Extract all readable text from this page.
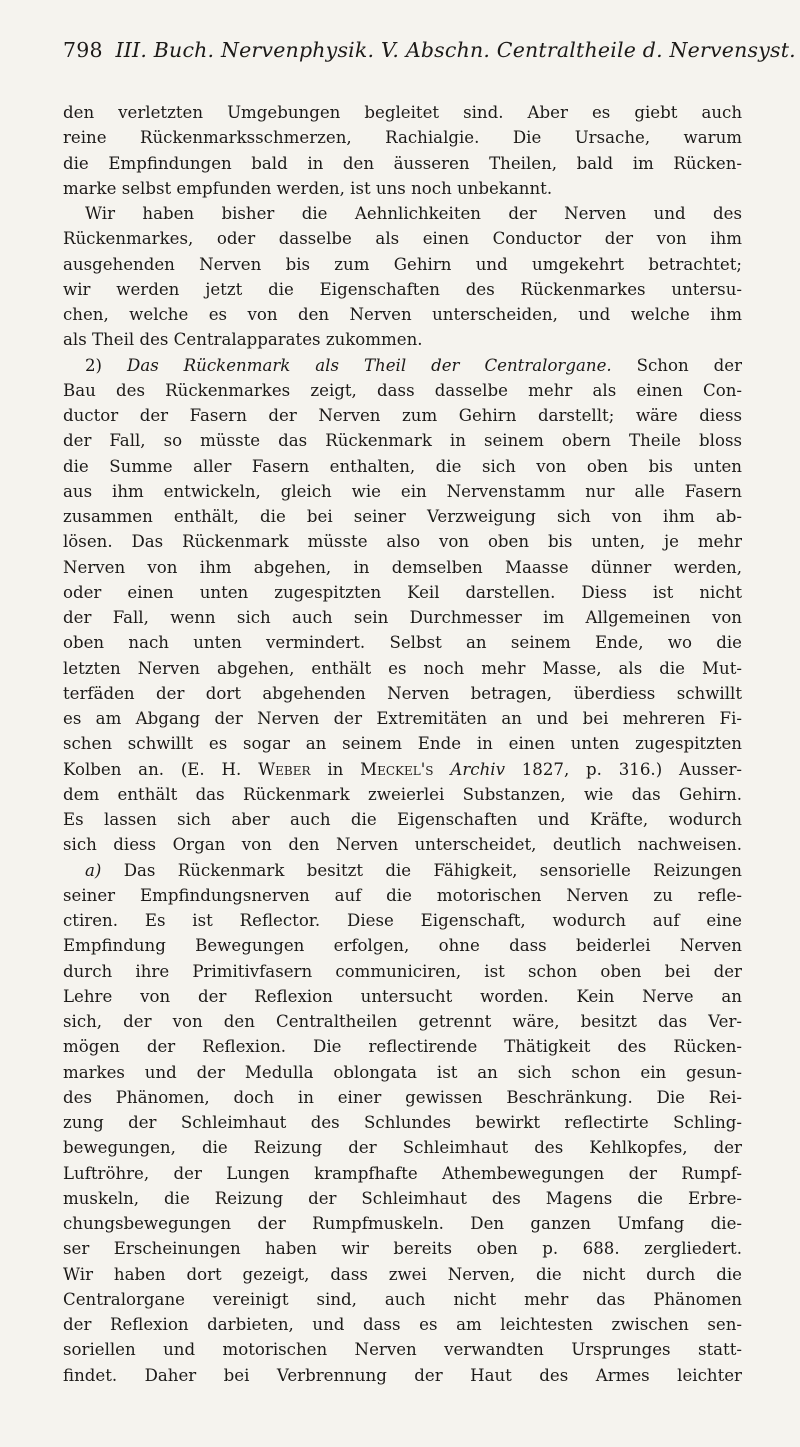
798 III. Buch. Nervenphysik. V. Abschn. Centraltheile d. Nervensyst.
den verletzten Umgebungen begleitet sind. Aber es giebt auch
reine Rückenmarksschmerzen, Rachialgie. Die Ursache, warum
die Empfindungen bald in den äusseren Theilen, bald im Rücken-
marke selbst empfunden werden, ist uns noch unbekannt.
Wir haben bisher die Aehnlichkeiten der Nerven und des
Rückenmarkes, oder dasselbe als einen Conductor der von ihm
ausgehenden Nerven bis zum Gehirn und umgekehrt betrachtet;
wir werden jetzt die Eigenschaften des Rückenmarkes untersu-
chen, welche es von den Nerven unterscheiden, und welche ihm
als Theil des Centralapparates zukommen.
2) Das Rückenmark als Theil der Centralorgane. Schon der
Bau des Rückenmarkes zeigt, dass dasselbe mehr als einen Con-
ductor der Fasern der Nerven zum Gehirn darstellt; wäre diess
der Fall, so müsste das Rückenmark in seinem obern Theile bloss
die Summe aller Fasern enthalten, die sich von oben bis unten
aus ihm entwickeln, gleich wie ein Nervenstamm nur alle Fasern
zusammen enthält, die bei seiner Verzweigung sich von ihm ab-
lösen. Das Rückenmark müsste also von oben bis unten, je mehr
Nerven von ihm abgehen, in demselben Maasse dünner werden,
oder einen unten zugespitzten Keil darstellen. Diess ist nicht
der Fall, wenn sich auch sein Durchmesser im Allgemeinen von
oben nach unten vermindert. Selbst an seinem Ende, wo die
letzten Nerven abgehen, enthält es noch mehr Masse, als die Mut-
terfäden der dort abgehenden Nerven betragen, überdiess schwillt
es am Abgang der Nerven der Extremitäten an und bei mehreren Fi-
schen schwillt es sogar an seinem Ende in einen unten zugespitzten
Kolben an. (E. H. Weber in Meckel's Archiv 1827, p. 316.) Ausser-
dem enthält das Rückenmark zweierlei Substanzen, wie das Gehirn.
Es lassen sich aber auch die Eigenschaften und Kräfte, wodurch
sich diess Organ von den Nerven unterscheidet, deutlich nachweisen.
a) Das Rückenmark besitzt die Fähigkeit, sensorielle Reizungen
seiner Empfindungsnerven auf die motorischen Nerven zu refle-
ctiren. Es ist Reflector. Diese Eigenschaft, wodurch auf eine
Empfindung Bewegungen erfolgen, ohne dass beiderlei Nerven
durch ihre Primitivfasern communiciren, ist schon oben bei der
Lehre von der Reflexion untersucht worden. Kein Nerve an
sich, der von den Centraltheilen getrennt wäre, besitzt das Ver-
mögen der Reflexion. Die reflectirende Thätigkeit des Rücken-
markes und der Medulla oblongata ist an sich schon ein gesun-
des Phänomen, doch in einer gewissen Beschränkung. Die Rei-
zung der Schleimhaut des Schlundes bewirkt reflectirte Schling-
bewegungen, die Reizung der Schleimhaut des Kehlkopfes, der
Luftröhre, der Lungen krampfhafte Athembewegungen der Rumpf-
muskeln, die Reizung der Schleimhaut des Magens die Erbre-
chungsbewegungen der Rumpfmuskeln. Den ganzen Umfang die-
ser Erscheinungen haben wir bereits oben p. 688. zergliedert.
Wir haben dort gezeigt, dass zwei Nerven, die nicht durch die
Centralorgane vereinigt sind, auch nicht mehr das Phänomen
der Reflexion darbieten, und dass es am leichtesten zwischen sen-
soriellen und motorischen Nerven verwandten Ursprunges statt-
findet. Daher bei Verbrennung der Haut des Armes leichter
